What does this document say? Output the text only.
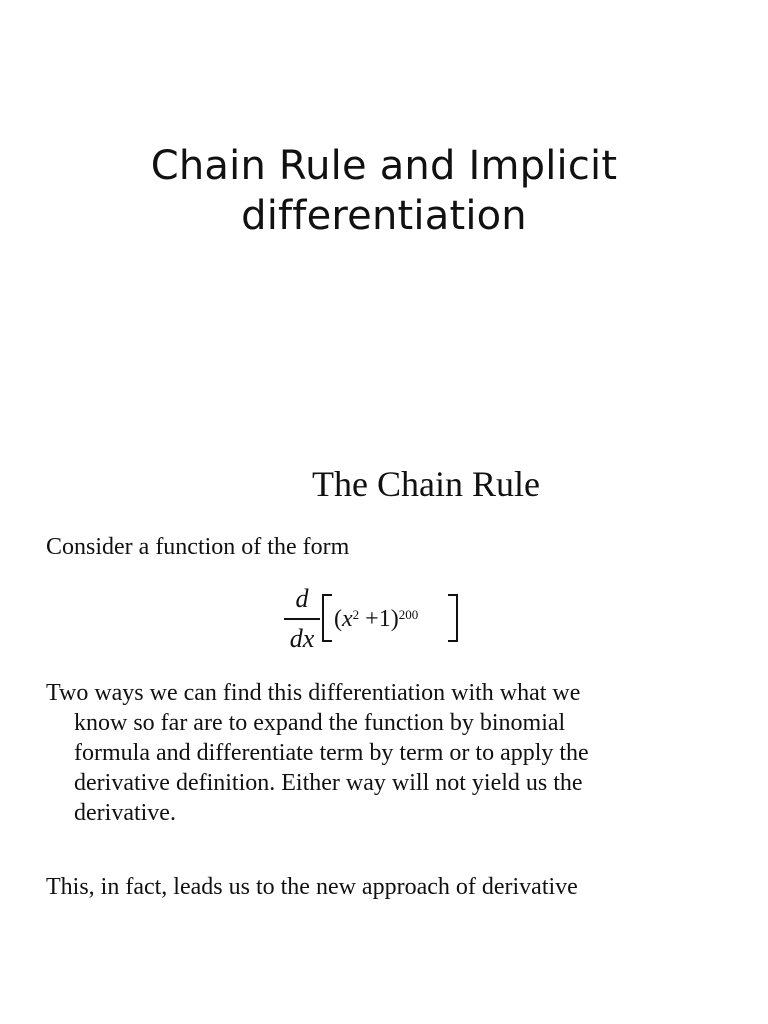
Chain Rule and Implicit
differentiation
The Chain Rule
Consider a function of the form
d
dx
$(x^2 +1)^{200}$
Two ways we can find this differentiation with what we
know so far are to expand the function by binomial
formula and differentiate term by term or to apply the
derivative definition. Either way will not yield us the
derivative.
This, in fact, leads us to the new approach of derivative
